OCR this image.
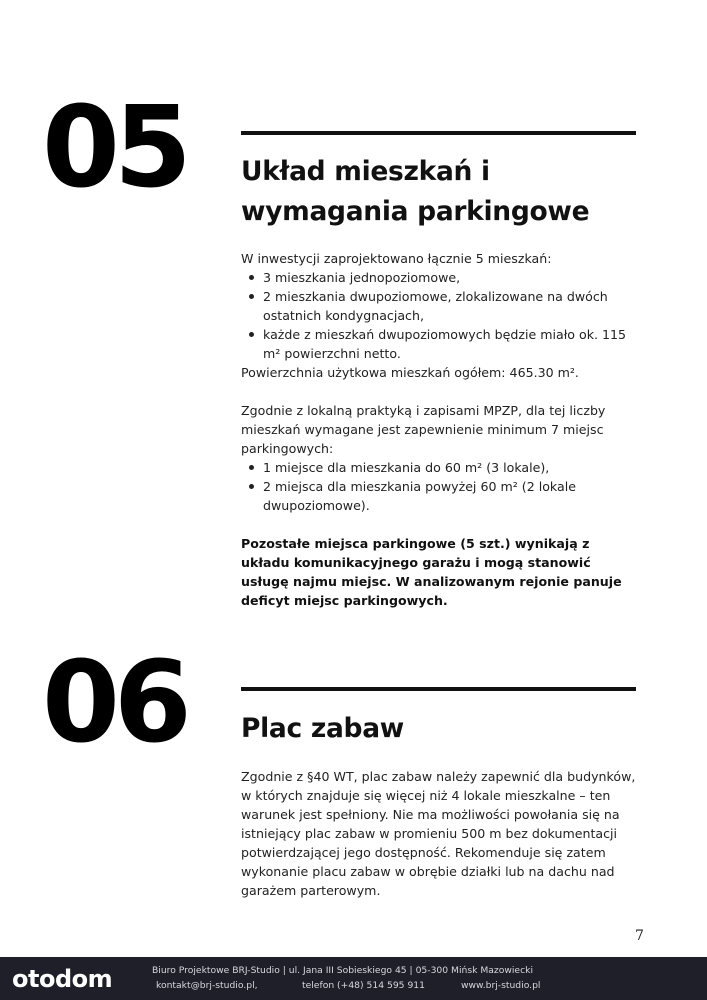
05 Układ mieszkań i
wymagania parkingowe

W inwestycji zaprojektowano łącznie 5 mieszkań:

3 mieszkania jednopoziomowe,
2 mieszkania dwupoziomowe, zlokalizowane na dwóch ostatnich kondygnacjach,
każde z mieszkań dwupoziomowych będzie miało ok. 115 m² powierzchni netto.

Powierzchnia użytkowa mieszkań ogółem: 465.30 m².

Zgodnie z lokalną praktyką i zapisami MPZP, dla tej liczby mieszkań wymagane jest zapewnienie minimum 7 miejsc parkingowych:

1 miejsce dla mieszkania do 60 m² (3 lokale),
2 miejsca dla mieszkania powyżej 60 m² (2 lokale dwupoziomowe).

Pozostałe miejsca parkingowe (5 szt.) wynikają z układu komunikacyjnego garażu i mogą stanowić usługę najmu miejsc. W analizowanym rejonie panuje deficyt miejsc parkingowych.

06 Plac zabaw

Zgodnie z §40 WT, plac zabaw należy zapewnić dla budynków, w których znajduje się więcej niż 4 lokale mieszkalne – ten warunek jest spełniony. Nie ma możliwości powołania się na istniejący plac zabaw w promieniu 500 m bez dokumentacji potwierdzającej jego dostępność. Rekomenduje się zatem wykonanie placu zabaw w obrębie działki lub na dachu nad garażem parterowym.

7
otodom	Biuro Projektowe BRJ-Studio | ul. Jana III Sobieskiego 45 | 05-300 Mińsk Mazowiecki
kontakt@brj-studio.pl,	telefon (+48) 514 595 911	www.brj-studio.pl
